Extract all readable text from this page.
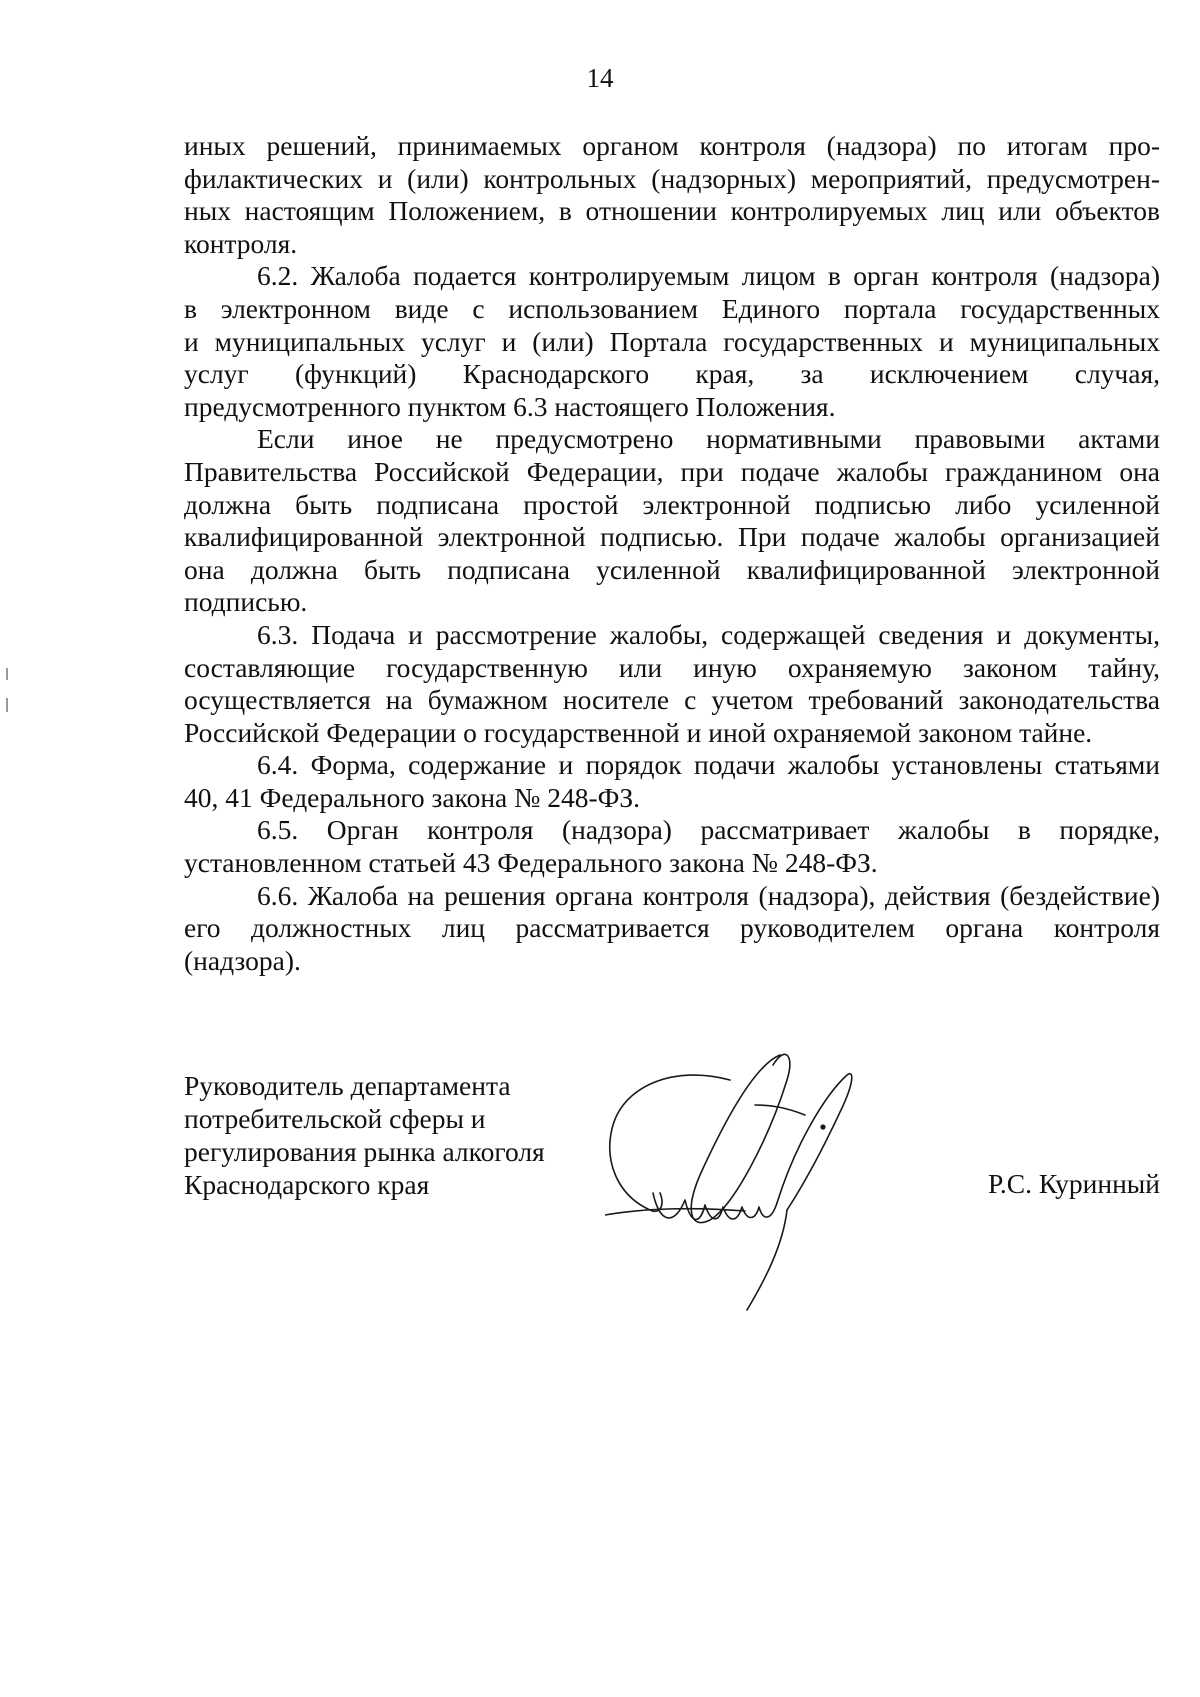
14
иных решений, принимаемых органом контроля (надзора) по итогам про-
филактических и (или) контрольных (надзорных) мероприятий, предусмотрен-
ных настоящим Положением, в отношении контролируемых лиц или объектов
контроля.
6.2. Жалоба подается контролируемым лицом в орган контроля (надзора)
в электронном виде с использованием Единого портала государственных
и муниципальных услуг и (или) Портала государственных и муниципальных
услуг (функций) Краснодарского края, за исключением случая,
предусмотренного пунктом 6.3 настоящего Положения.
Если иное не предусмотрено нормативными правовыми актами
Правительства Российской Федерации, при подаче жалобы гражданином она
должна быть подписана простой электронной подписью либо усиленной
квалифицированной электронной подписью. При подаче жалобы организацией
она должна быть подписана усиленной квалифицированной электронной
подписью.
6.3. Подача и рассмотрение жалобы, содержащей сведения и документы,
составляющие государственную или иную охраняемую законом тайну,
осуществляется на бумажном носителе с учетом требований законодательства
Российской Федерации о государственной и иной охраняемой законом тайне.
6.4. Форма, содержание и порядок подачи жалобы установлены статьями
40, 41 Федерального закона № 248-ФЗ.
6.5. Орган контроля (надзора) рассматривает жалобы в порядке,
установленном статьей 43 Федерального закона № 248-ФЗ.
6.6. Жалоба на решения органа контроля (надзора), действия (бездействие)
его должностных лиц рассматривается руководителем органа контроля
(надзора).
Руководитель департамента
потребительской сферы и
регулирования рынка алкоголя
Краснодарского края	Р.С. Куринный
